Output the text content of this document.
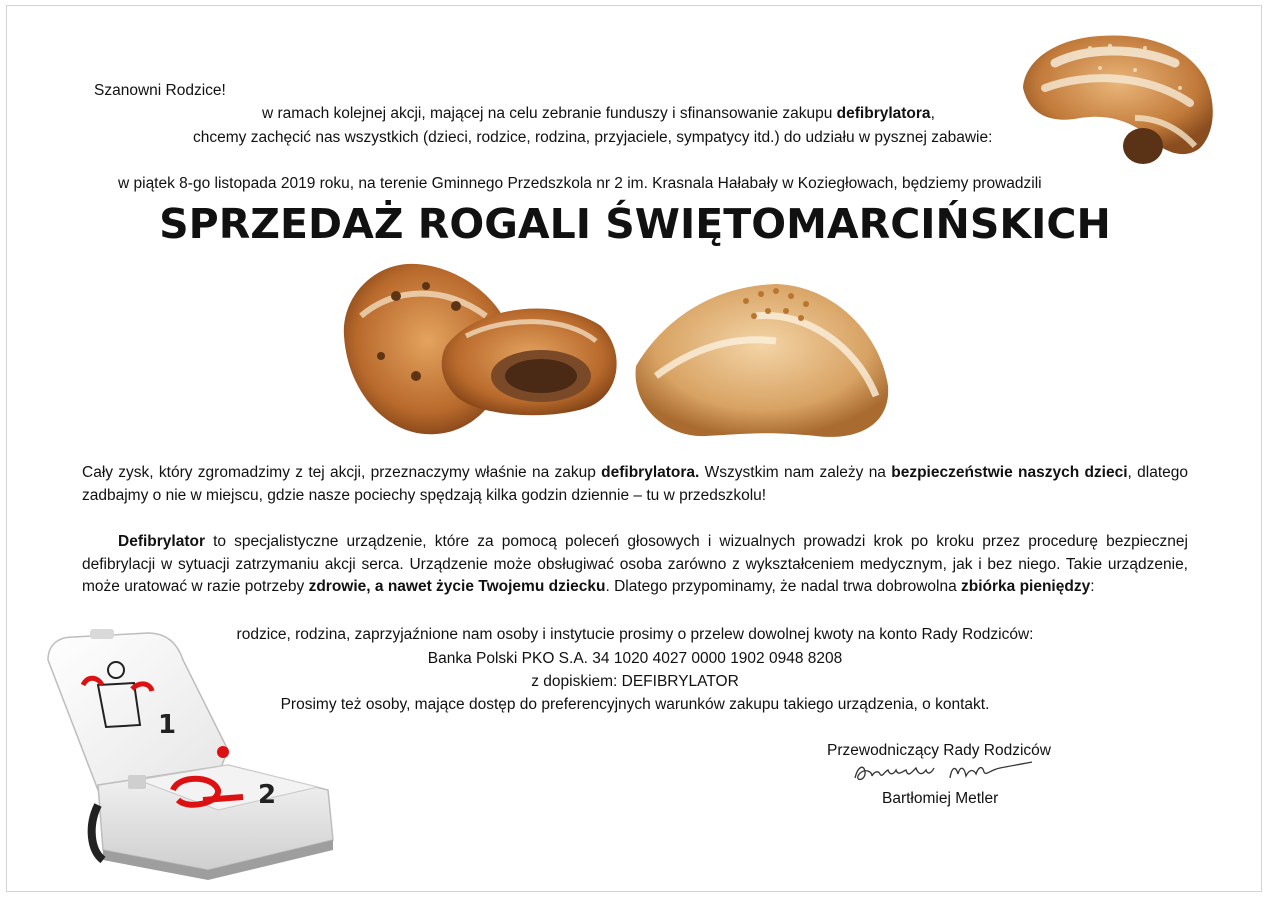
Szanowni Rodzice!
w ramach kolejnej akcji, mającej na celu zebranie funduszy i sfinansowanie zakupu defibrylatora,
chcemy zachęcić nas wszystkich (dzieci, rodzice, rodzina, przyjaciele, sympatycy itd.) do udziału w pysznej zabawie:
w piątek 8-go listopada 2019 roku, na terenie Gminnego Przedszkola nr 2 im. Krasnala Hałabały w Koziegłowach, będziemy prowadzili
SPRZEDAŻ ROGALI ŚWIĘTOMARCIŃSKICH
Cały zysk, który zgromadzimy z tej akcji, przeznaczymy właśnie na zakup defibrylatora. Wszystkim nam zależy na bezpieczeństwie naszych dzieci, dlatego zadbajmy o nie w miejscu, gdzie nasze pociechy spędzają kilka godzin dziennie – tu w przedszkolu!
Defibrylator to specjalistyczne urządzenie, które za pomocą poleceń głosowych i wizualnych prowadzi krok po kroku przez procedurę bezpiecznej defibrylacji w sytuacji zatrzymaniu akcji serca. Urządzenie może obsługiwać osoba zarówno z wykształceniem medycznym, jak i bez niego. Takie urządzenie, może uratować w razie potrzeby zdrowie, a nawet życie Twojemu dziecku. Dlatego przypominamy, że nadal trwa dobrowolna zbiórka pieniędzy:
rodzice, rodzina, zaprzyjaźnione nam osoby i instytucie prosimy o przelew dowolnej kwoty na konto Rady Rodziców:
Banka Polski PKO S.A. 34 1020 4027 0000 1902 0948 8208
z dopiskiem: DEFIBRYLATOR
Prosimy też osoby, mające dostęp do preferencyjnych warunków zakupu takiego urządzenia, o kontakt.
Przewodniczący Rady Rodziców
Bartłomiej Metler
1
2
